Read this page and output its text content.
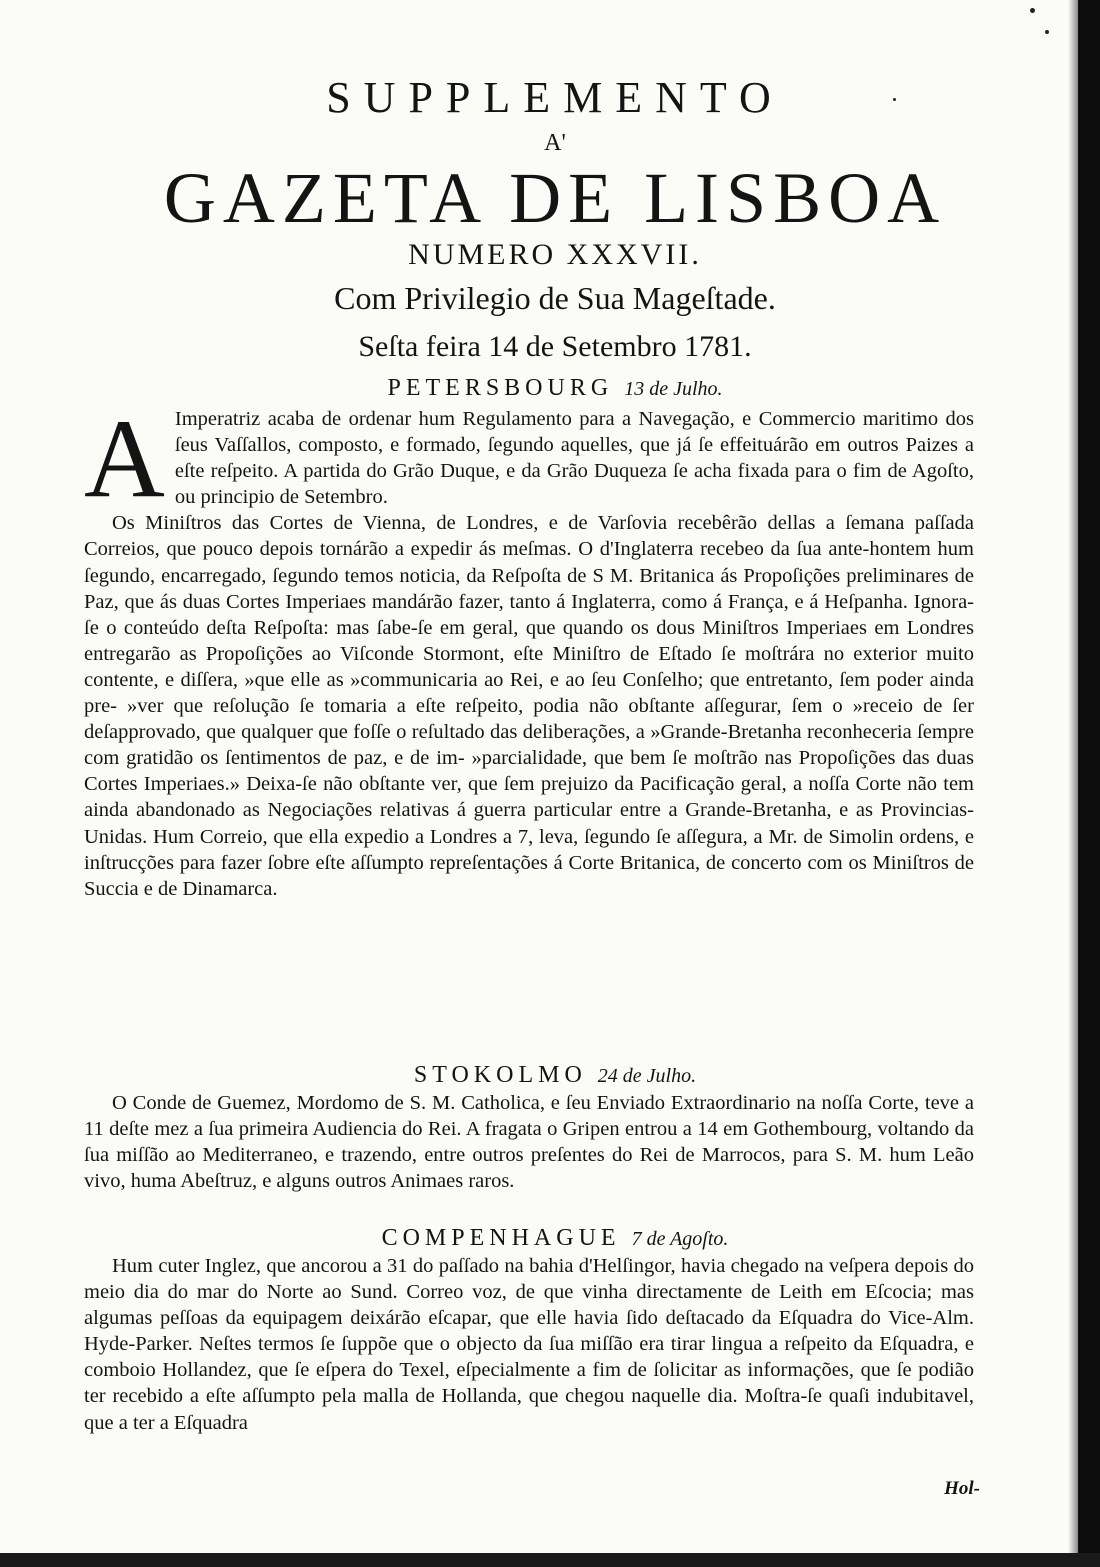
SUPPLEMENTO
A'
GAZETA DE LISBOA
NUMERO XXXVII.
Com Privilegio de Sua Mageſtade.
Seſta feira 14 de Setembro 1781.
PETERSBOURG 13 de Julho.
A Imperatriz acaba de ordenar hum Regulamento para a Navegação, e Commercio maritimo dos ſeus Vaſſallos, composto, e formado, ſegundo aquelles, que já ſe effeituárão em outros Paizes a eſte reſpeito. A partida do Grão Duque, e da Grão Duqueza ſe acha fixada para o fim de Agoſto, ou principio de Setembro.

Os Miniſtros das Cortes de Vienna, de Londres, e de Varſovia recebêrão dellas a ſemana paſſada Correios, que pouco depois tornárão a expedir ás meſmas. O d'Inglaterra recebeo da ſua ante-hontem hum ſegundo, encarregado, ſegundo temos noticia, da Reſpoſta de S M. Britanica ás Propoſições preliminares de Paz, que ás duas Cortes Imperiaes mandárão fazer, tanto á Inglaterra, como á França, e á Heſpanha. Ignora-ſe o conteúdo deſta Reſpoſta: mas ſabe-ſe em geral, que quando os dous Miniſtros Imperiaes em Londres entregarão as Propoſições ao Viſconde Stormont, eſte Miniſtro de Eſtado ſe moſtrára no exterior muito contente, e diſſera, »que elle as »communicaria ao Rei, e ao ſeu Conſelho; que entretanto, ſem poder ainda pre- »ver que reſolução ſe tomaria a eſte reſpeito, podia não obſtante aſſegurar, ſem o »receio de ſer deſapprovado, que qualquer que foſſe o reſultado das deliberações, a »Grande-Bretanha reconheceria ſempre com gratidão os ſentimentos de paz, e de im- »parcialidade, que bem ſe moſtrão nas Propoſições das duas Cortes Imperiaes.» Deixa-ſe não obſtante ver, que ſem prejuizo da Pacificação geral, a noſſa Corte não tem ainda abandonado as Negociações relativas á guerra particular entre a Grande-Bretanha, e as Provincias-Unidas. Hum Correio, que ella expedio a Londres a 7, leva, ſegundo ſe aſſegura, a Mr. de Simolin ordens, e inſtrucções para fazer ſobre eſte aſſumpto repreſentações á Corte Britanica, de concerto com os Miniſtros de Succia e de Dinamarca.

STOKOLMO 24 de Julho.

O Conde de Guemez, Mordomo de S. M. Catholica, e ſeu Enviado Extraordinario na noſſa Corte, teve a 11 deſte mez a ſua primeira Audiencia do Rei. A fragata o Gripen entrou a 14 em Gothembourg, voltando da ſua miſſão ao Mediterraneo, e trazendo, entre outros preſentes do Rei de Marrocos, para S. M. hum Leão vivo, huma Abeſtruz, e alguns outros Animaes raros.

COMPENHAGUE 7 de Agoſto.

Hum cuter Inglez, que ancorou a 31 do paſſado na bahia d'Helſingor, havia chegado na veſpera depois do meio dia do mar do Norte ao Sund. Correo voz, de que vinha directamente de Leith em Eſcocia; mas algumas peſſoas da equipagem deixárão eſcapar, que elle havia ſido deſtacado da Eſquadra do Vice-Alm. Hyde-Parker. Neſtes termos ſe ſuppõe que o objecto da ſua miſſão era tirar lingua a reſpeito da Eſquadra, e comboio Hollandez, que ſe eſpera do Texel, eſpecialmente a fim de ſolicitar as informações, que ſe podião ter recebido a eſte aſſumpto pela malla de Hollanda, que chegou naquelle dia. Moſtra-ſe quaſi indubitavel, que a ter a Eſquadra

Hol-
